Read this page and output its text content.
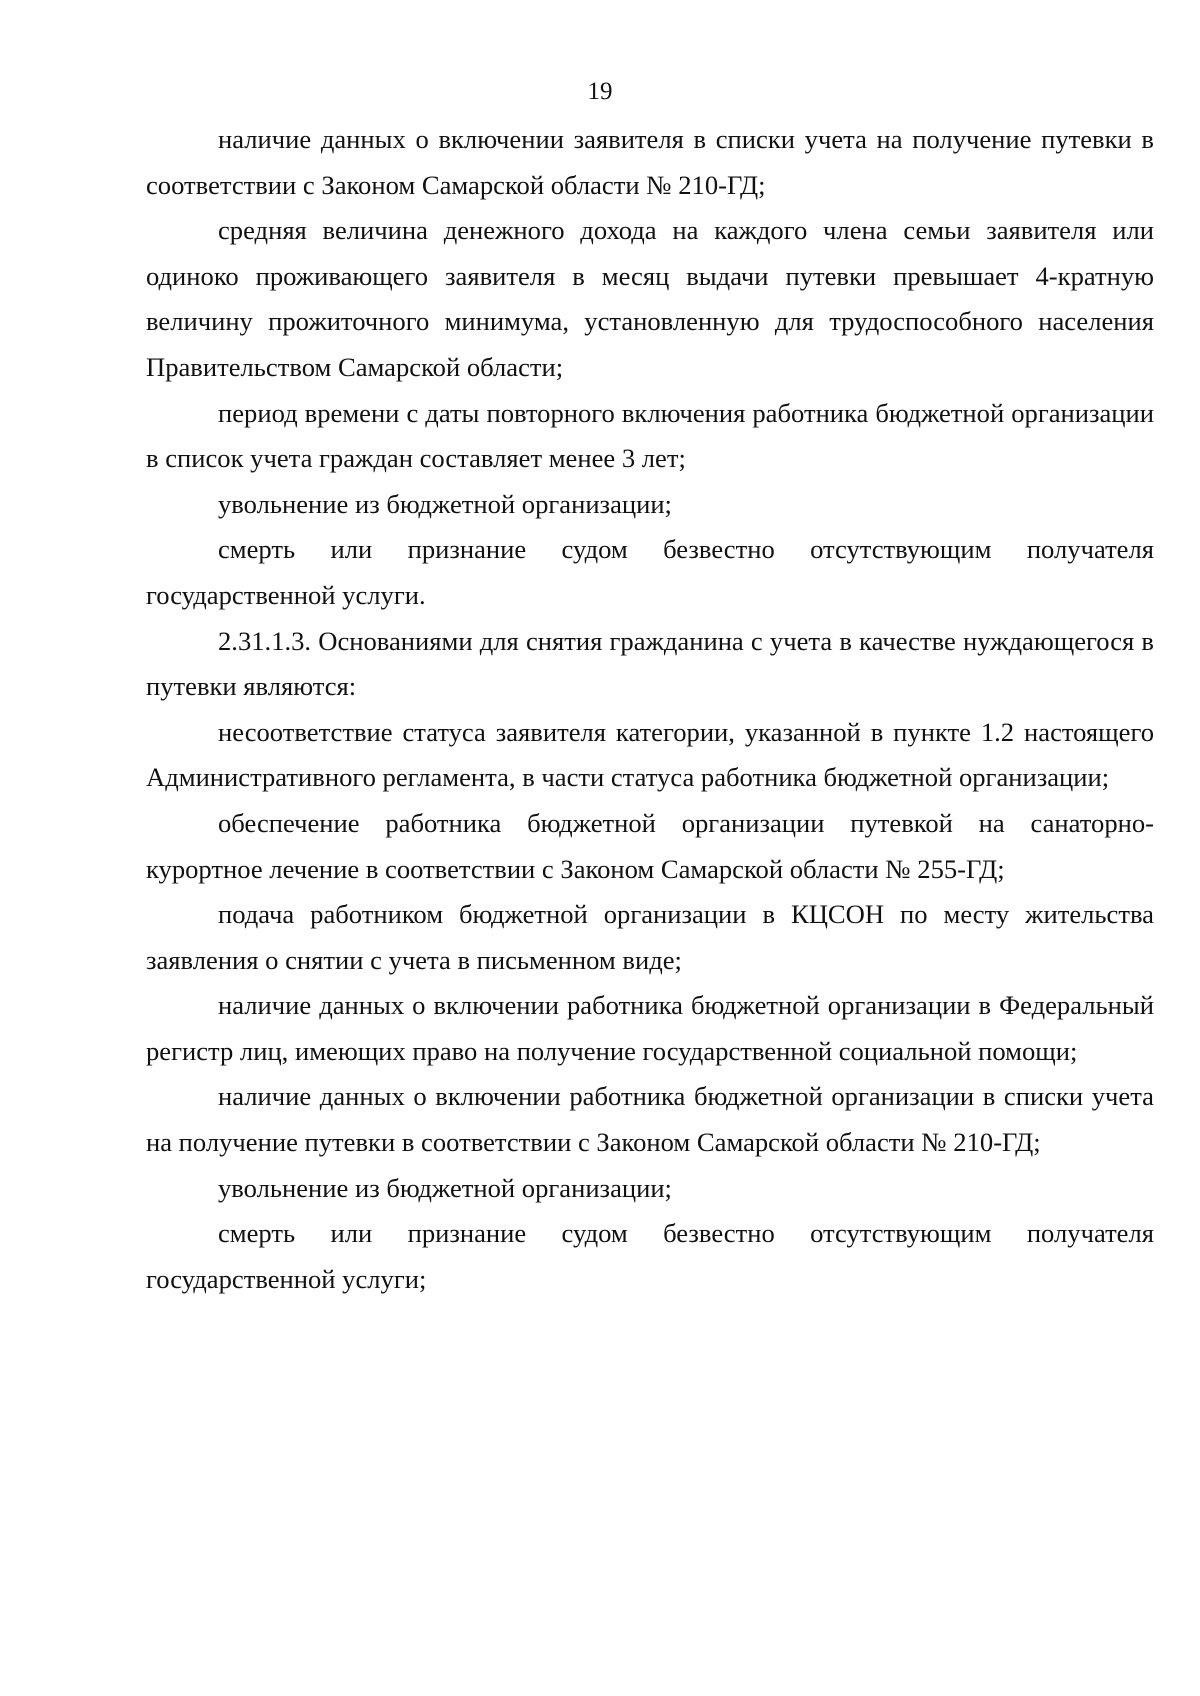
19

наличие данных о включении заявителя в списки учета на получение путевки в соответствии с Законом Самарской области № 210-ГД;

средняя величина денежного дохода на каждого члена семьи заявителя или одиноко проживающего заявителя в месяц выдачи путевки превышает 4-кратную величину прожиточного минимума, установленную для трудоспособного населения Правительством Самарской области;

период времени с даты повторного включения работника бюджетной организации в список учета граждан составляет менее 3 лет;

увольнение из бюджетной организации;

смерть или признание судом безвестно отсутствующим получателя государственной услуги.

2.31.1.3. Основаниями для снятия гражданина с учета в качестве нуждающегося в путевки являются:

несоответствие статуса заявителя категории, указанной в пункте 1.2 настоящего Административного регламента, в части статуса работника бюджетной организации;

обеспечение работника бюджетной организации путевкой на санаторно-курортное лечение в соответствии с Законом Самарской области № 255-ГД;

подача работником бюджетной организации в КЦСОН по месту жительства заявления о снятии с учета в письменном виде;

наличие данных о включении работника бюджетной организации в Федеральный регистр лиц, имеющих право на получение государственной социальной помощи;

наличие данных о включении работника бюджетной организации в списки учета на получение путевки в соответствии с Законом Самарской области № 210-ГД;

увольнение из бюджетной организации;

смерть или признание судом безвестно отсутствующим получателя государственной услуги;
